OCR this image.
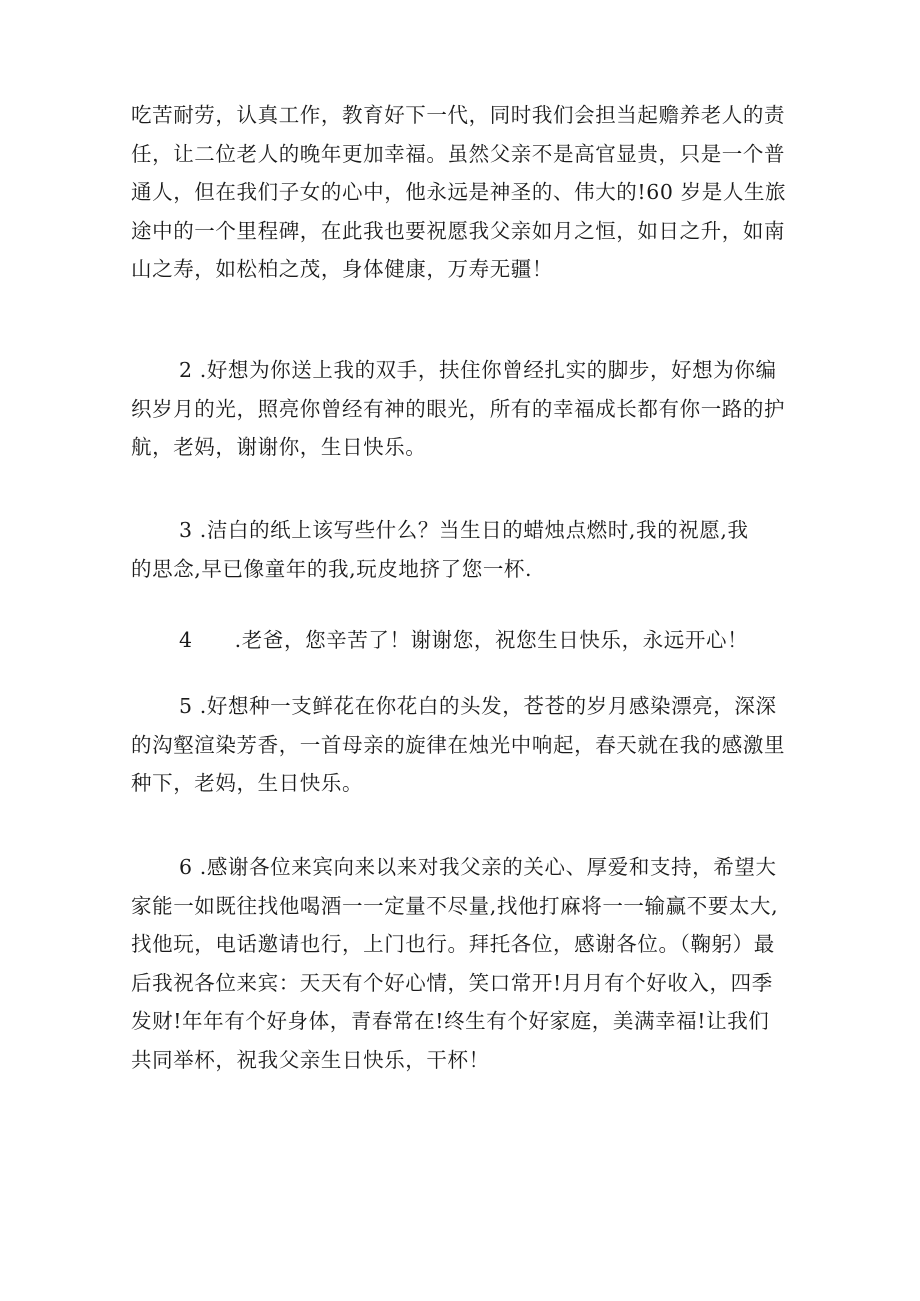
吃苦耐劳，认真工作，教育好下一代，同时我们会担当起赡养老人的责
任，让二位老人的晚年更加幸福。虽然父亲不是高官显贵，只是一个普
通人，但在我们子女的心中，他永远是神圣的、伟大的!60 岁是人生旅
途中的一个里程碑，在此我也要祝愿我父亲如月之恒，如日之升，如南
山之寿，如松柏之茂，身体健康，万寿无疆！
2 .好想为你送上我的双手，扶住你曾经扎实的脚步，好想为你编
织岁月的光，照亮你曾经有神的眼光，所有的幸福成长都有你一路的护
航，老妈，谢谢你，生日快乐。
3 .洁白的纸上该写些什么？当生日的蜡烛点燃时,我的祝愿,我
的思念,早已像童年的我,玩皮地挤了您一杯.
4 .老爸，您辛苦了！谢谢您，祝您生日快乐，永远开心！
5 .好想种一支鲜花在你花白的头发，苍苍的岁月感染漂亮，深深
的沟壑渲染芳香，一首母亲的旋律在烛光中响起，春天就在我的感激里
种下，老妈，生日快乐。
6 .感谢各位来宾向来以来对我父亲的关心、厚爱和支持，希望大
家能一如既往找他喝酒一一定量不尽量,找他打麻将一一输赢不要太大,
找他玩，电话邀请也行，上门也行。拜托各位，感谢各位。（鞠躬）最
后我祝各位来宾：天天有个好心情，笑口常开!月月有个好收入，四季
发财!年年有个好身体，青春常在!终生有个好家庭，美满幸福!让我们
共同举杯，祝我父亲生日快乐，干杯！
